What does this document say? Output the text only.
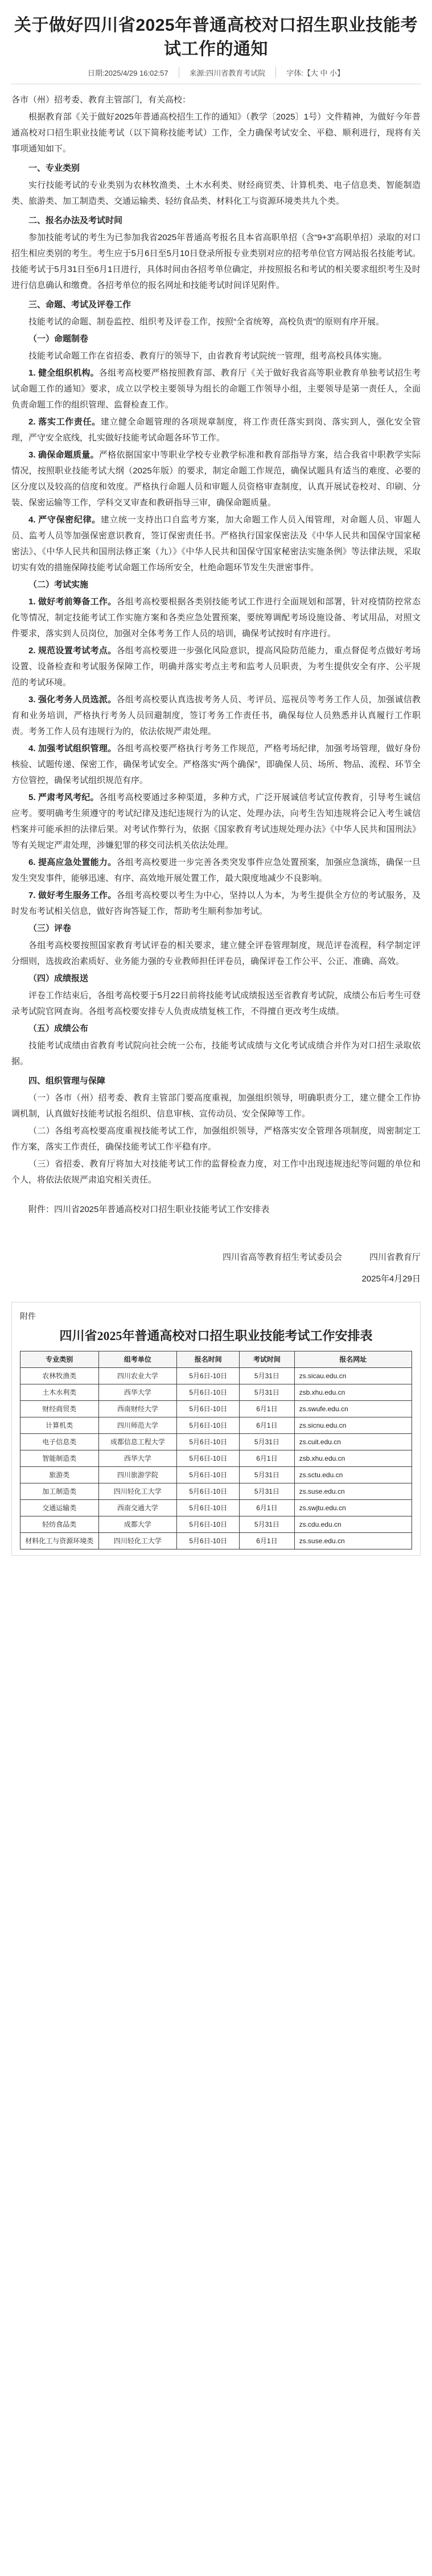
关于做好四川省2025年普通高校对口招生职业技能考试工作的通知
日期:2025/4/29 16:02:57	来源:四川省教育考试院	字体:【大 中 小】

各市（州）招考委、教育主管部门，有关高校：

根据教育部《关于做好2025年普通高校招生工作的通知》（教学〔2025〕1号）文件精神，为做好今年普通高校对口招生职业技能考试（以下简称技能考试）工作，全力确保考试安全、平稳、顺利进行，现将有关事项通知如下。

一、专业类别

实行技能考试的专业类别为农林牧渔类、土木水利类、财经商贸类、计算机类、电子信息类、智能制造类、旅游类、加工制造类、交通运输类、轻纺食品类、材料化工与资源环境类共九个类。

二、报名办法及考试时间

参加技能考试的考生为已参加我省2025年普通高考报名且本省高职单招（含“9+3”高职单招）录取的对口招生相应类别的考生。考生应于5月6日至5月10日登录所报专业类别对应的招考单位官方网站报名技能考试。技能考试于5月31日至6月1日进行，具体时间由各招考单位确定，并按照报名和考试的相关要求组织考生及时进行信息确认和缴费。各招考单位的报名网址和技能考试时间详见附件。

三、命题、考试及评卷工作

技能考试的命题、制卷监控、组织考及评卷工作，按照“全省统筹，高校负责”的原则有序开展。

（一）命题制卷

技能考试命题工作在省招委、教育厅的领导下，由省教育考试院统一管理，组考高校具体实施。

1. 健全组织机构。各组考高校要严格按照教育部、教育厅《关于做好我省高等职业教育单独考试招生考试命题工作的通知》要求，成立以学校主要领导为组长的命题工作领导小组，主要领导是第一责任人，全面负责命题工作的组织管理、监督检查工作。

2. 落实工作责任。建立健全命题管理的各项规章制度，将工作责任落实到岗、落实到人，强化安全管理，严守安全底线，扎实做好技能考试命题各环节工作。

3. 确保命题质量。严格依据国家中等职业学校专业教学标准和教育部指导方案，结合我省中职教学实际情况，按照职业技能考试大纲（2025年版）的要求，制定命题工作规范，确保试题具有适当的难度、必要的区分度以及较高的信度和效度。严格执行命题人员和审题人员资格审查制度，认真开展试卷校对、印刷、分装、保密运输等工作，学科交叉审查和教研指导三审，确保命题质量。

4. 严守保密纪律。建立统一支持出口自监考方案，加大命题工作人员入闱管理，对命题人员、审题人员、监考人员等加强保密意识教育，签订保密责任书。严格执行国家保密法及《中华人民共和国保守国家秘密法》、《中华人民共和国刑法修正案（九）》《中华人民共和国保守国家秘密法实施条例》等法律法规，采取切实有效的措施保障技能考试命题工作场所安全，杜绝命题环节发生失泄密事件。

（二）考试实施

1. 做好考前筹备工作。各组考高校要根据各类别技能考试工作进行全面规划和部署，针对疫情防控常态化等情况，制定技能考试工作实施方案和各类应急处置预案，要统筹调配考场设施设备、考试用品，对照文件要求，落实到人员岗位，加强对全体考务工作人员的培训，确保考试按时有序进行。

2. 规范设置考试考点。各组考高校要进一步强化风险意识，提高风险防范能力，重点督促考点做好考场设置、设备检查和考试服务保障工作，明确并落实考点主考和监考人员职责，为考生提供安全有序、公平规范的考试环境。

3. 强化考务人员选派。各组考高校要认真选拔考务人员、考评员、巡视员等考务工作人员，加强诚信教育和业务培训，严格执行考务人员回避制度，签订考务工作责任书，确保每位人员熟悉并认真履行工作职责。考务工作人员有违规行为的，依法依规严肃处理。

4. 加强考试组织管理。各组考高校要严格执行考务工作规范，严格考场纪律，加强考场管理，做好身份核验、试题传递、保密工作，确保考试安全。严格落实“两个确保”，即确保人员、场所、物品、流程、环节全方位管控，确保考试组织规范有序。

5. 严肃考风考纪。各组考高校要通过多种渠道，多种方式，广泛开展诚信考试宣传教育，引导考生诚信应考。要明确考生须遵守的考试纪律及违纪违规行为的认定、处理办法，向考生告知违规将会记入考生诚信档案并可能承担的法律后果。对考试作弊行为，依据《国家教育考试违规处理办法》《中华人民共和国刑法》等有关规定严肃处理，涉嫌犯罪的移交司法机关依法处理。

6. 提高应急处置能力。各组考高校要进一步完善各类突发事件应急处置预案，加强应急演练，确保一旦发生突发事件，能够迅速、有序、高效地开展处置工作，最大限度地减少不良影响。

7. 做好考生服务工作。各组考高校要以考生为中心，坚持以人为本，为考生提供全方位的考试服务，及时发布考试相关信息，做好咨询答疑工作，帮助考生顺利参加考试。

（三）评卷

各组考高校要按照国家教育考试评卷的相关要求，建立健全评卷管理制度，规范评卷流程，科学制定评分细则，选拔政治素质好、业务能力强的专业教师担任评卷员，确保评卷工作公平、公正、准确、高效。

（四）成绩报送

评卷工作结束后，各组考高校要于5月22日前将技能考试成绩报送至省教育考试院，成绩公布后考生可登录考试院官网查询。各组考高校要安排专人负责成绩复核工作，不得擅自更改考生成绩。

（五）成绩公布

技能考试成绩由省教育考试院向社会统一公布，技能考试成绩与文化考试成绩合并作为对口招生录取依据。

四、组织管理与保障

（一）各市（州）招考委、教育主管部门要高度重视，加强组织领导，明确职责分工，建立健全工作协调机制，认真做好技能考试报名组织、信息审核、宣传动员、安全保障等工作。

（二）各组考高校要高度重视技能考试工作，加强组织领导，严格落实安全管理各项制度，周密制定工作方案，落实工作责任，确保技能考试工作平稳有序。

（三）省招委、教育厅将加大对技能考试工作的监督检查力度，对工作中出现违规违纪等问题的单位和个人，将依法依规严肃追究相关责任。

附件：四川省2025年普通高校对口招生职业技能考试工作安排表
四川省高等教育招生考试委员会	四川省教育厅
2025年4月29日
附件
四川省2025年普通高校对口招生职业技能考试工作安排表
专业类别	组考单位	报名时间	考试时间	报名网址
农林牧渔类	四川农业大学	5月6日-10日	5月31日	zs.sicau.edu.cn
土木水利类	西华大学	5月6日-10日	5月31日	zsb.xhu.edu.cn
财经商贸类	西南财经大学	5月6日-10日	6月1日	zs.swufe.edu.cn
计算机类	四川师范大学	5月6日-10日	6月1日	zs.sicnu.edu.cn
电子信息类	成都信息工程大学	5月6日-10日	5月31日	zs.cuit.edu.cn
智能制造类	西华大学	5月6日-10日	6月1日	zsb.xhu.edu.cn
旅游类	四川旅游学院	5月6日-10日	5月31日	zs.sctu.edu.cn
加工制造类	四川轻化工大学	5月6日-10日	5月31日	zs.suse.edu.cn
交通运输类	西南交通大学	5月6日-10日	6月1日	zs.swjtu.edu.cn
轻纺食品类	成都大学	5月6日-10日	5月31日	zs.cdu.edu.cn
材料化工与资源环境类	四川轻化工大学	5月6日-10日	6月1日	zs.suse.edu.cn
